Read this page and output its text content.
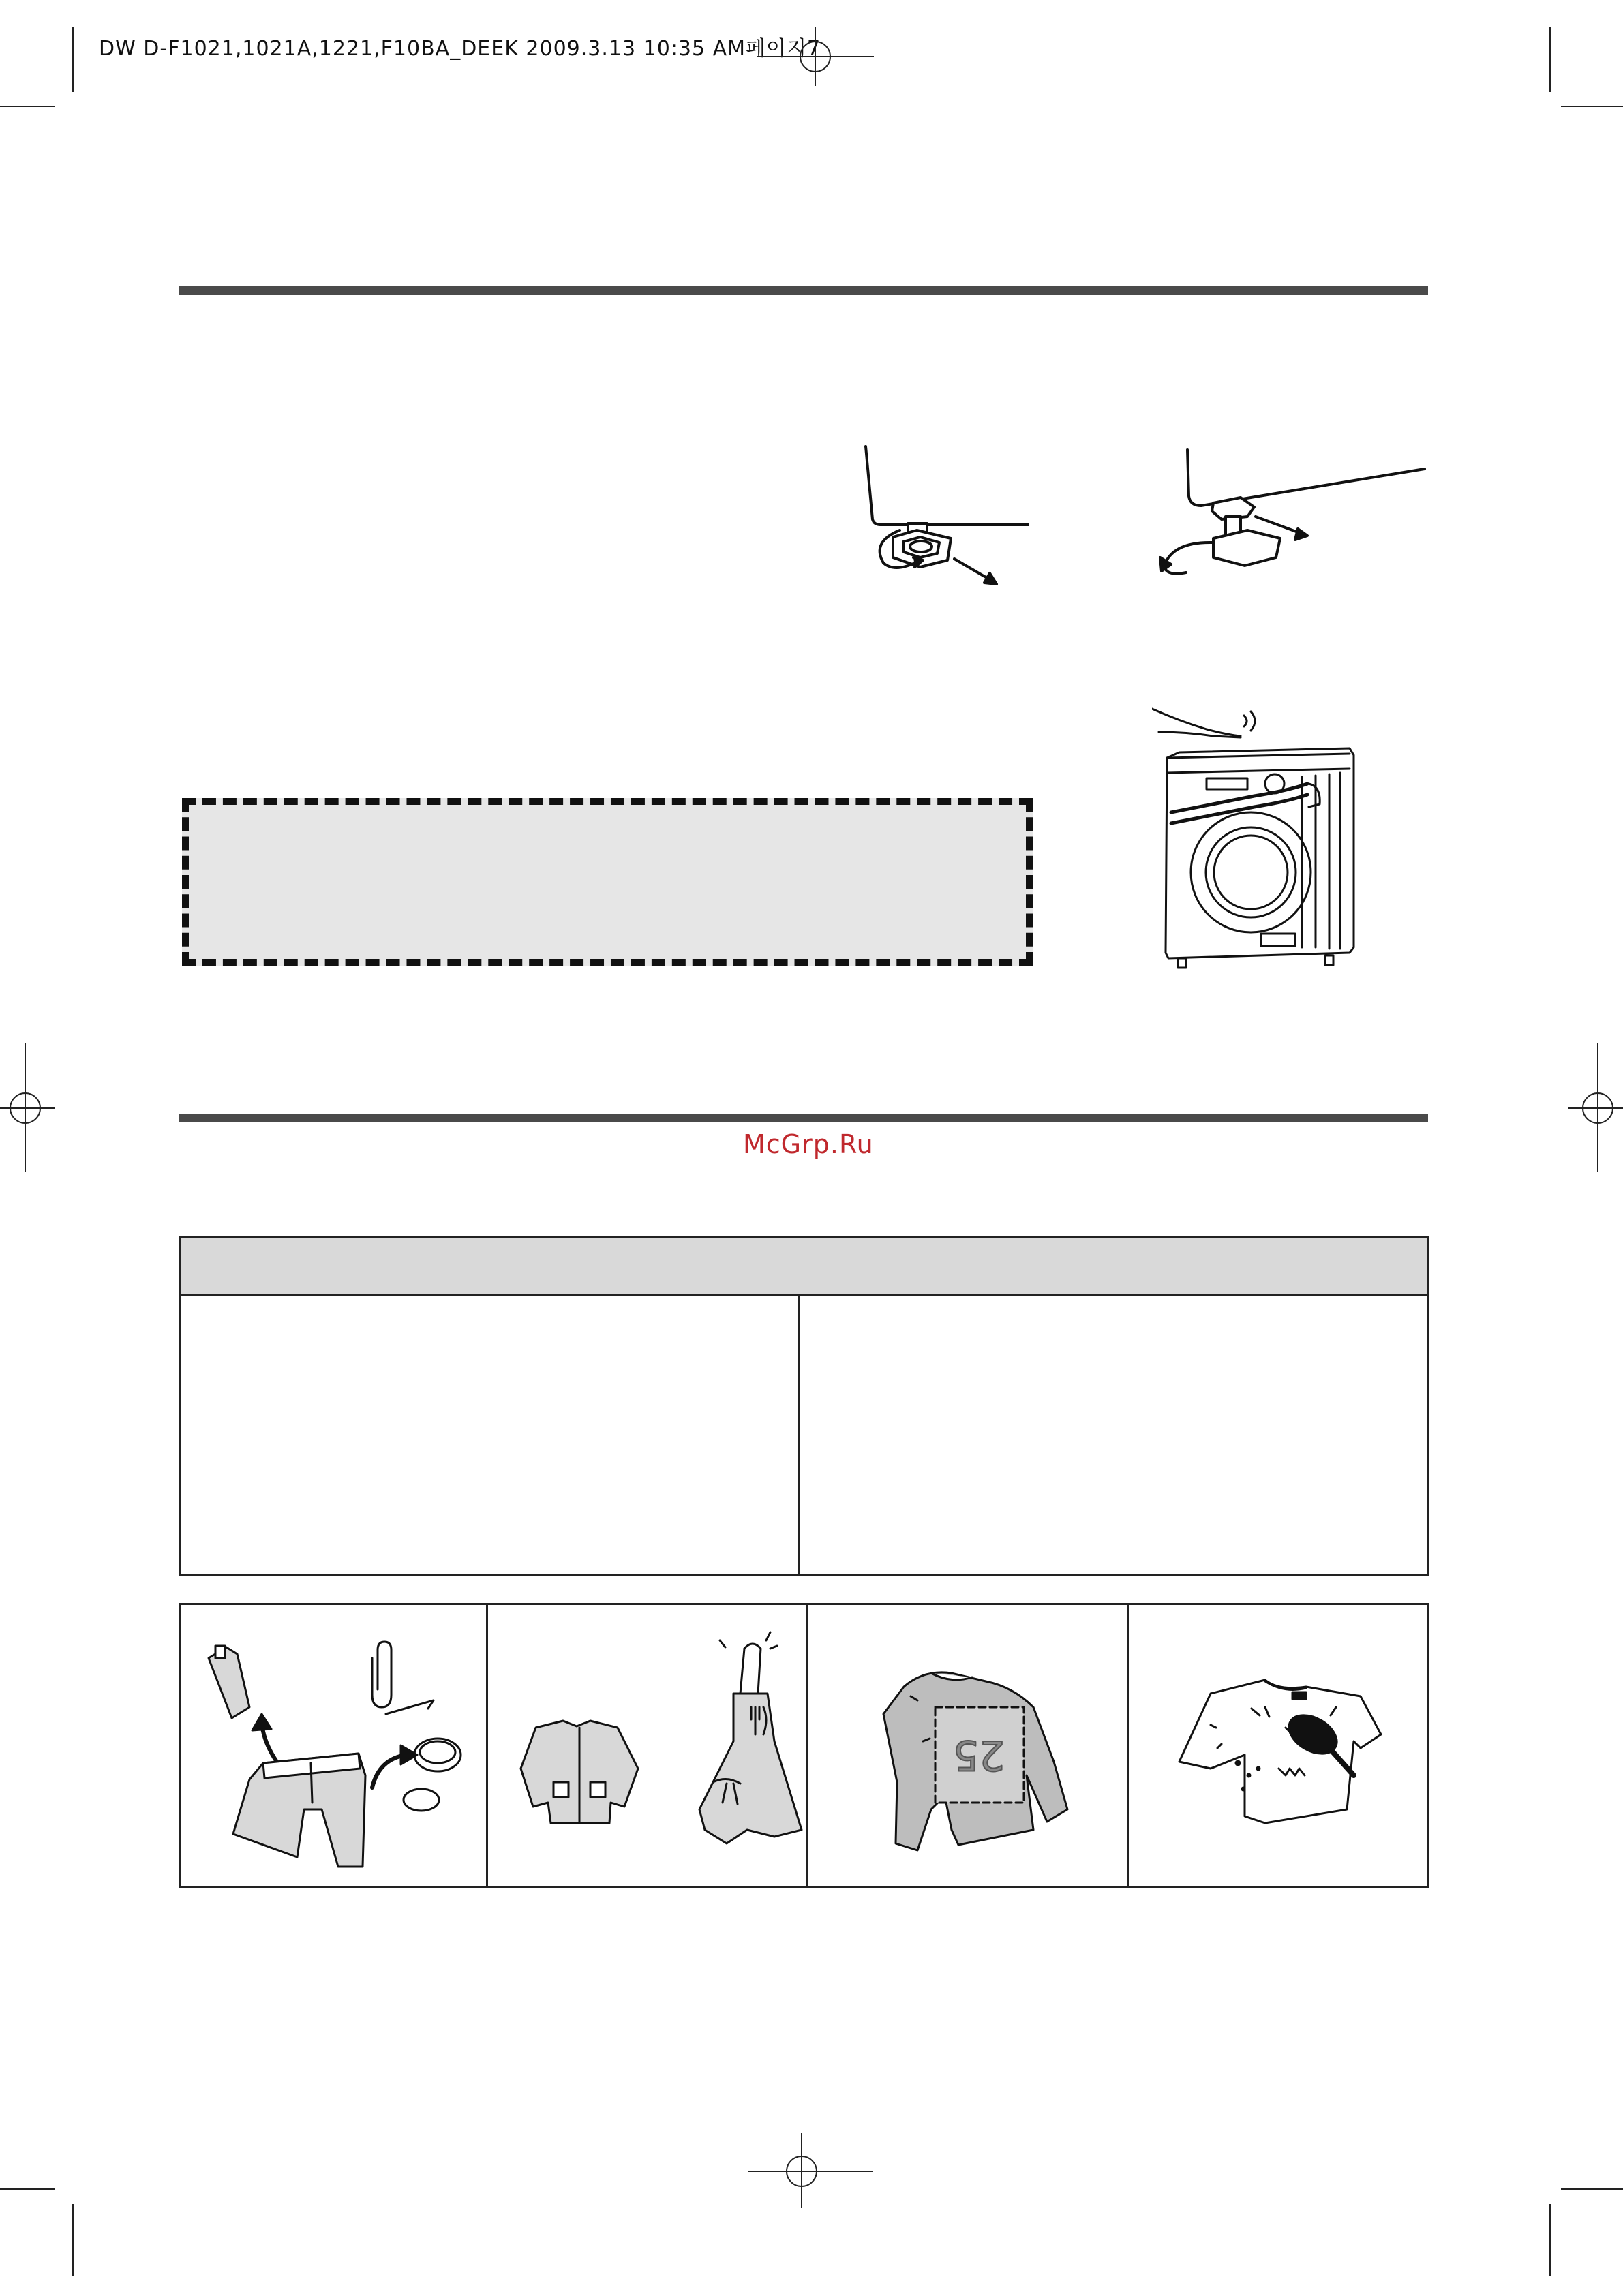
DW D-F1021,1021A,1221,F10BA_DEEK 2009.3.13 10:35 AM페이지7
McGrp.Ru
25
